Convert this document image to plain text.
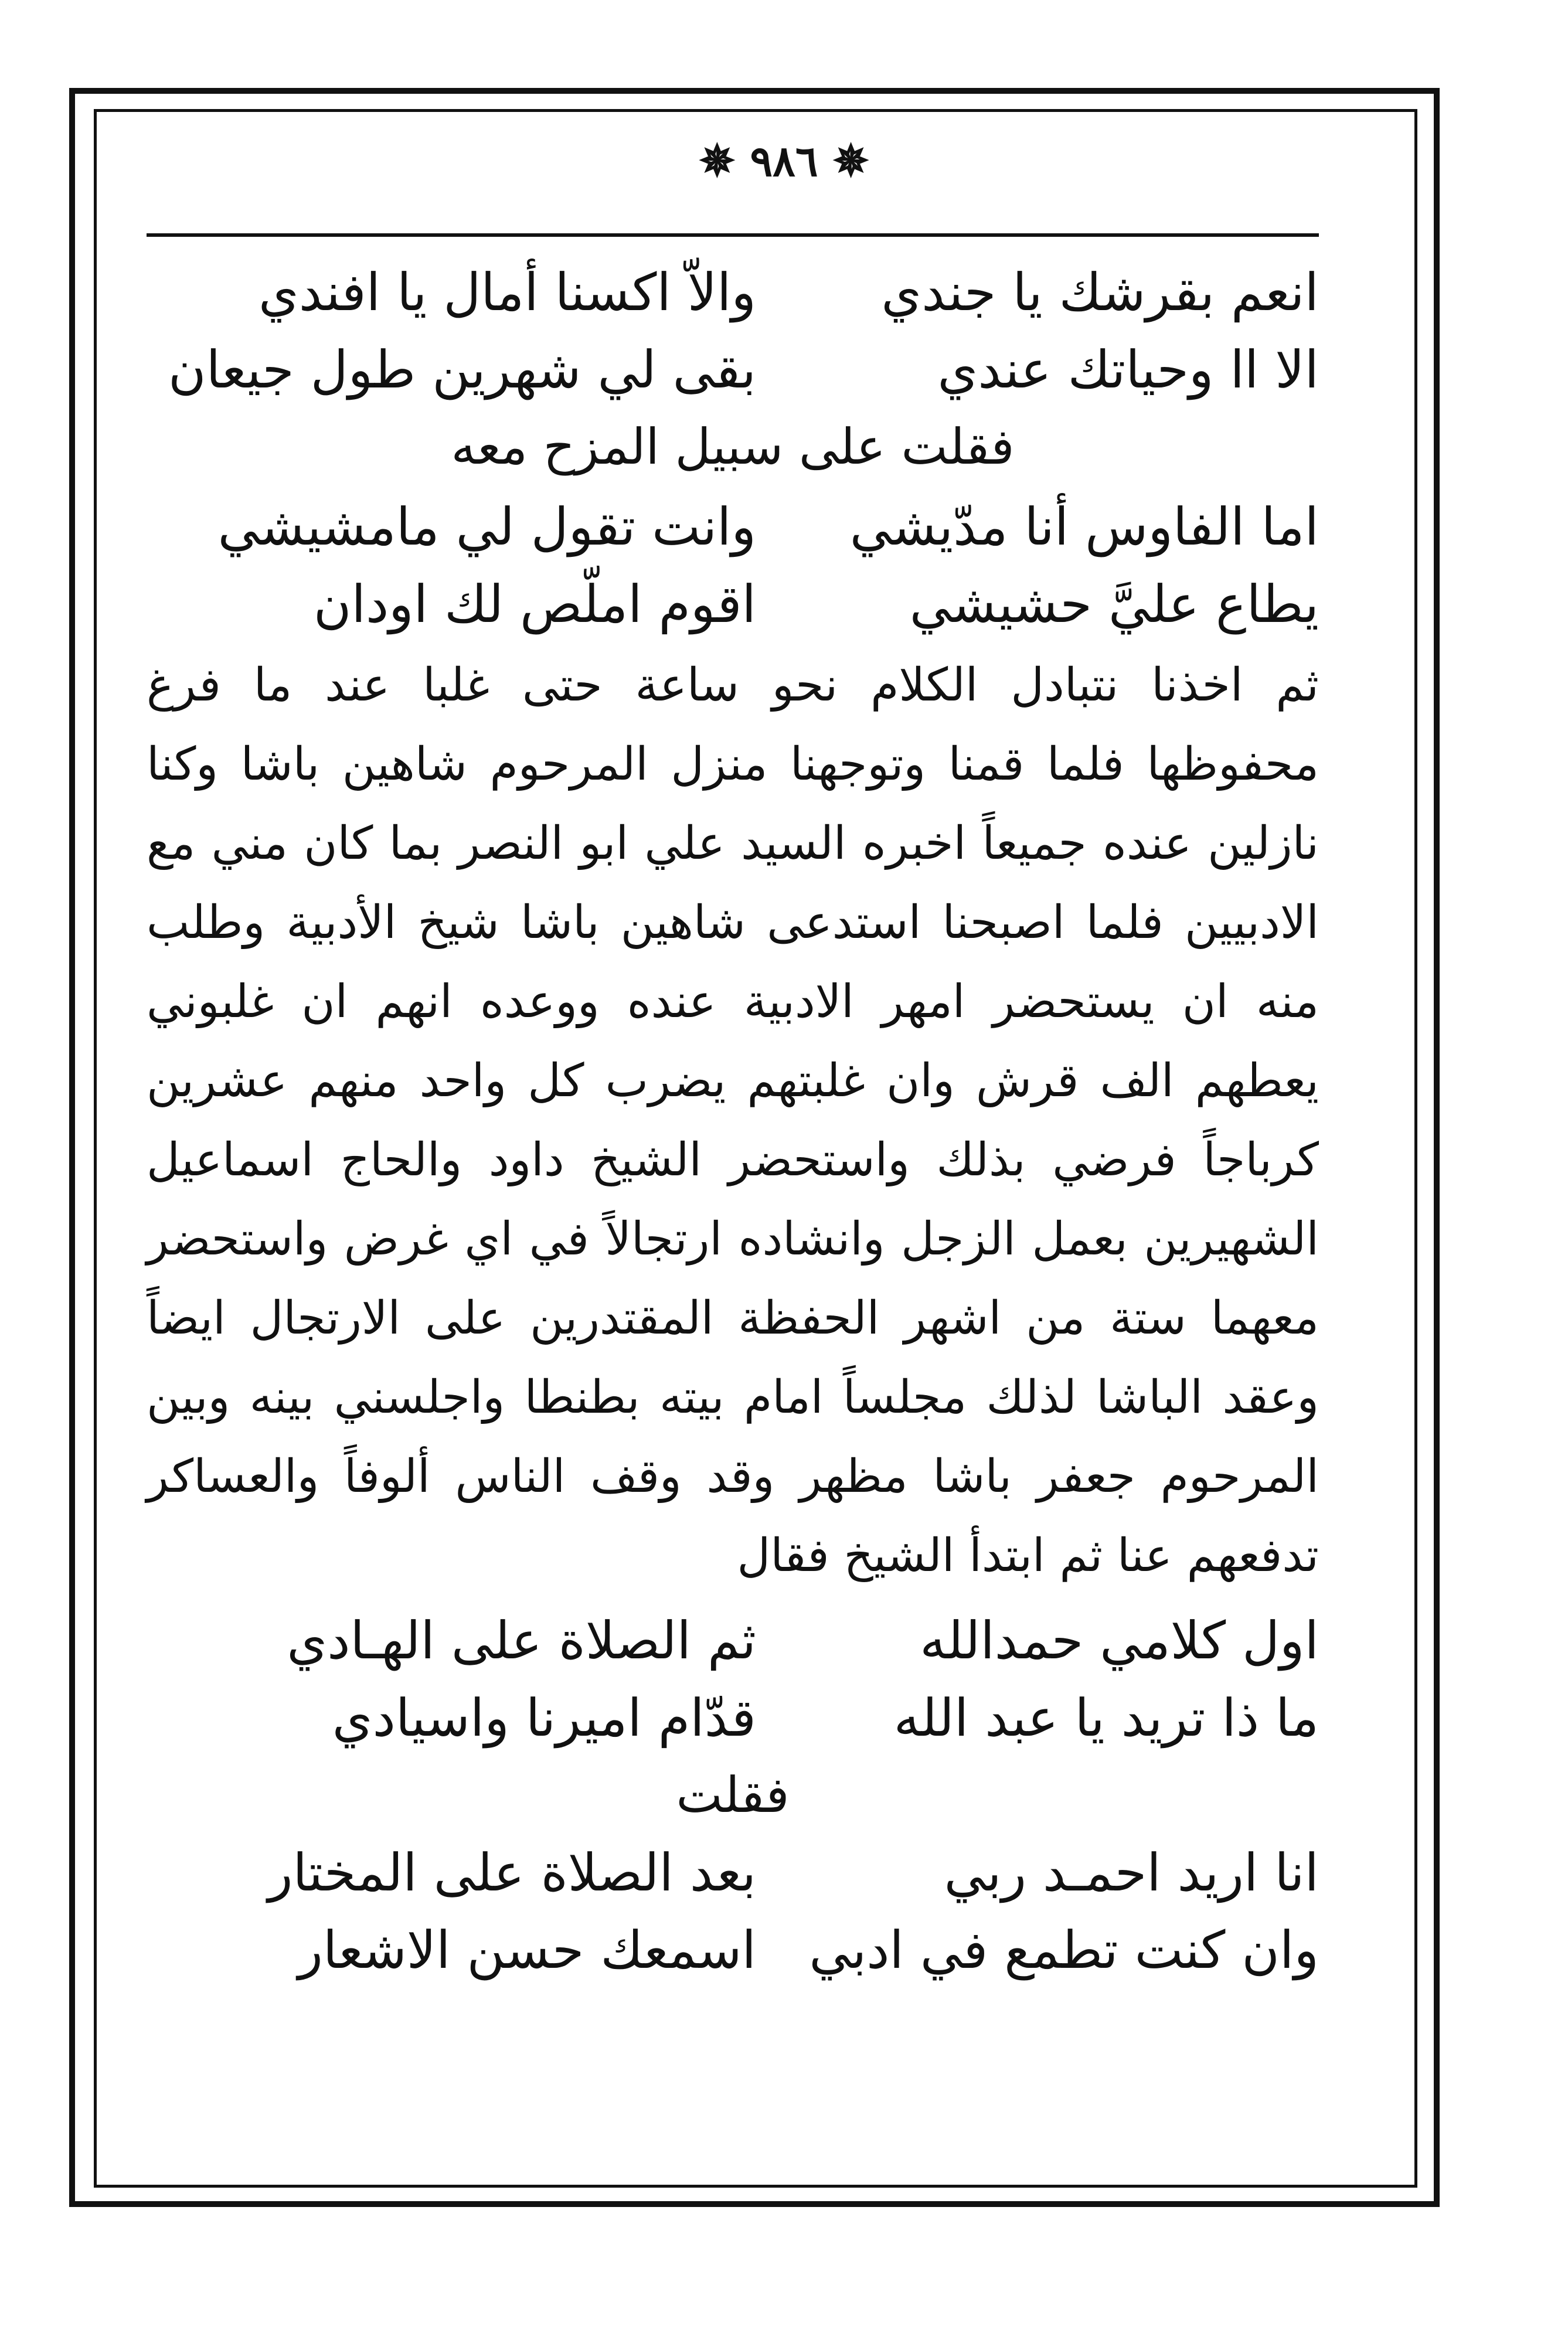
✵ ٩٨٦ ✵
انعم بقرشك يا جندي
والاّ اكسنا أمال يا افندي
الا اا وحياتك عندي
بقى لي شهرين طول جيعان
فقلت على سبيل المزح معه
اما الفاوس أنا مدّيشي
وانت تقول لي مامشيشي
يطاع عليَّ حشيشي
اقوم املّص لك اودان
ثم اخذنا نتبادل الكلام نحو ساعة حتى غلبا عند ما فرغ محفوظها فلما قمنا وتوجهنا منزل المرحوم شاهين باشا وكنا نازلين عنده جميعاً اخبره السيد علي ابو النصر بما كان مني مع الادبيين فلما اصبحنا استدعى شاهين باشا شيخ الأدبية وطلب منه ان يستحضر امهر الادبية عنده ووعده انهم ان غلبوني يعطهم الف قرش وان غلبتهم يضرب كل واحد منهم عشرين كرباجاً فرضي بذلك واستحضر الشيخ داود والحاج اسماعيل الشهيرين بعمل الزجل وانشاده ارتجالاً في اي غرض واستحضر معهما ستة من اشهر الحفظة المقتدرين على الارتجال ايضاً وعقد الباشا لذلك مجلساً امام بيته بطنطا واجلسني بينه وبين المرحوم جعفر باشا مظهر وقد وقف الناس ألوفاً والعساكر تدفعهم عنا ثم ابتدأ الشيخ فقال
اول كلامي حمدالله
ثم الصلاة على الهـادي
ما ذا تريد يا عبد الله
قدّام اميرنا واسيادي
فقلت
انا اريد احمـد ربي
بعد الصلاة على المختار
وان كنت تطمع في ادبي
اسمعك حسن الاشعار
